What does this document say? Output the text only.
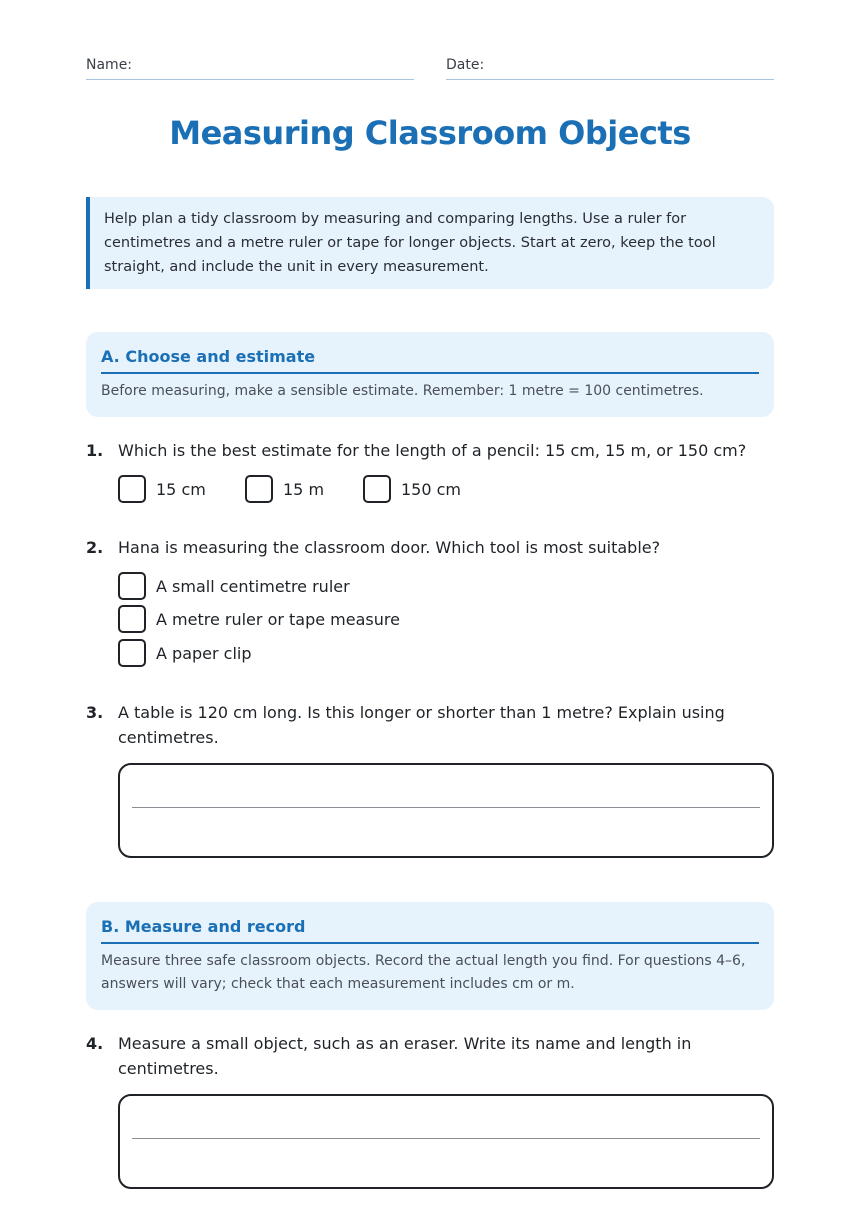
Name:	Date:
Measuring Classroom Objects
Help plan a tidy classroom by measuring and comparing lengths. Use a ruler for centimetres and a metre ruler or tape for longer objects. Start at zero, keep the tool straight, and include the unit in every measurement.
A. Choose and estimate
Before measuring, make a sensible estimate. Remember: 1 metre = 100 centimetres.
1. Which is the best estimate for the length of a pencil: 15 cm, 15 m, or 150 cm?
15 cm	15 m	150 cm
2. Hana is measuring the classroom door. Which tool is most suitable?
A small centimetre ruler
A metre ruler or tape measure
A paper clip
3. A table is 120 cm long. Is this longer or shorter than 1 metre? Explain using centimetres.
B. Measure and record
Measure three safe classroom objects. Record the actual length you find. For questions 4–6, answers will vary; check that each measurement includes cm or m.
4. Measure a small object, such as an eraser. Write its name and length in centimetres.
